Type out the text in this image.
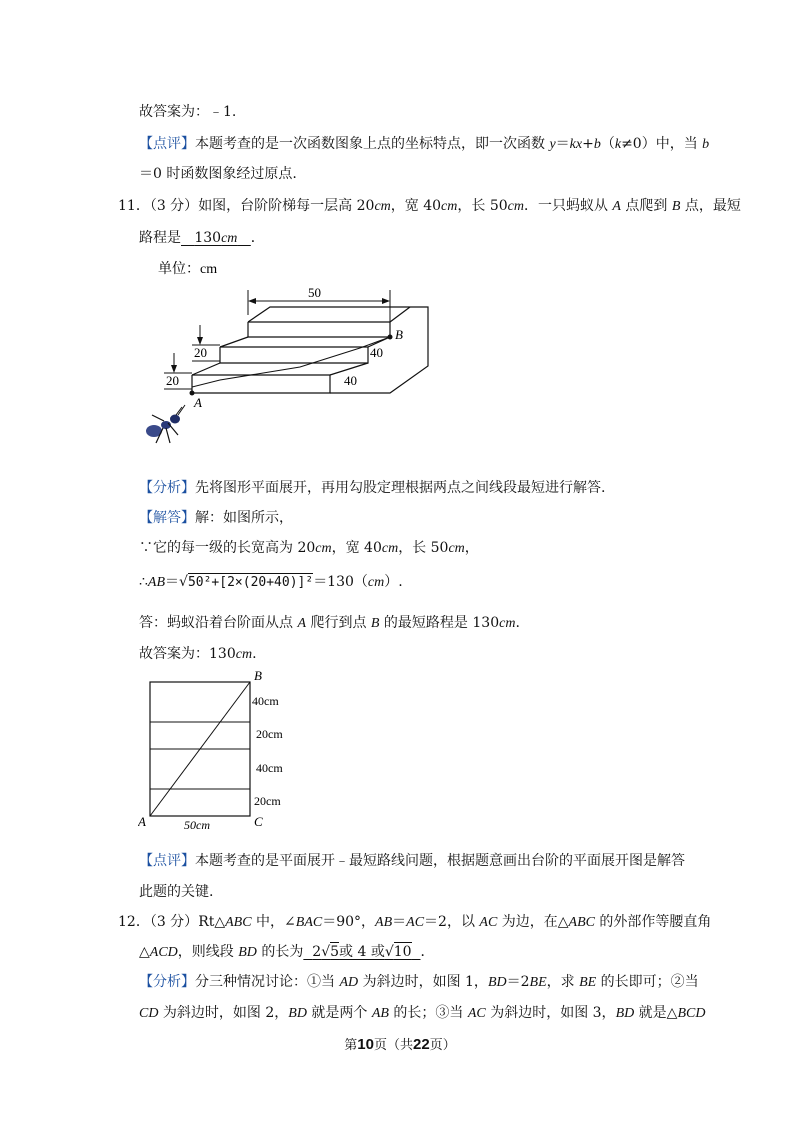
故答案为：﹣1.
【点评】本题考查的是一次函数图象上点的坐标特点，即一次函数 y＝kx+b（k≠0）中，当 b
＝0 时函数图象经过原点.
11．（3 分）如图，台阶阶梯每一层高 20cm，宽 40cm，长 50cm．一只蚂蚁从 A 点爬到 B 点，最短
路程是 130cm ．
单位：cm
50
B
A
40
40
20
20
【分析】先将图形平面展开，再用勾股定理根据两点之间线段最短进行解答.
【解答】解：如图所示，
∵它的每一级的长宽高为 20cm，宽 40cm，长 50cm，
∴AB＝√50²+[2×(20+40)]²＝130（cm）.
答：蚂蚁沿着台阶面从点 A 爬行到点 B 的最短路程是 130cm.
故答案为：130cm.
B
A	C
40cm
20cm
40cm
20cm
50cm
【点评】本题考查的是平面展开﹣最短路线问题，根据题意画出台阶的平面展开图是解答
此题的关键.
12．（3 分）Rt△ABC 中，∠BAC＝90°，AB＝AC＝2，以 AC 为边，在△ABC 的外部作等腰直角
△ACD，则线段 BD 的长为 2√5或 4 或√10 ．
【分析】分三种情况讨论：①当 AD 为斜边时，如图 1，BD＝2BE，求 BE 的长即可；②当
CD 为斜边时，如图 2，BD 就是两个 AB 的长；③当 AC 为斜边时，如图 3，BD 就是△BCD
第10页（共22页）
